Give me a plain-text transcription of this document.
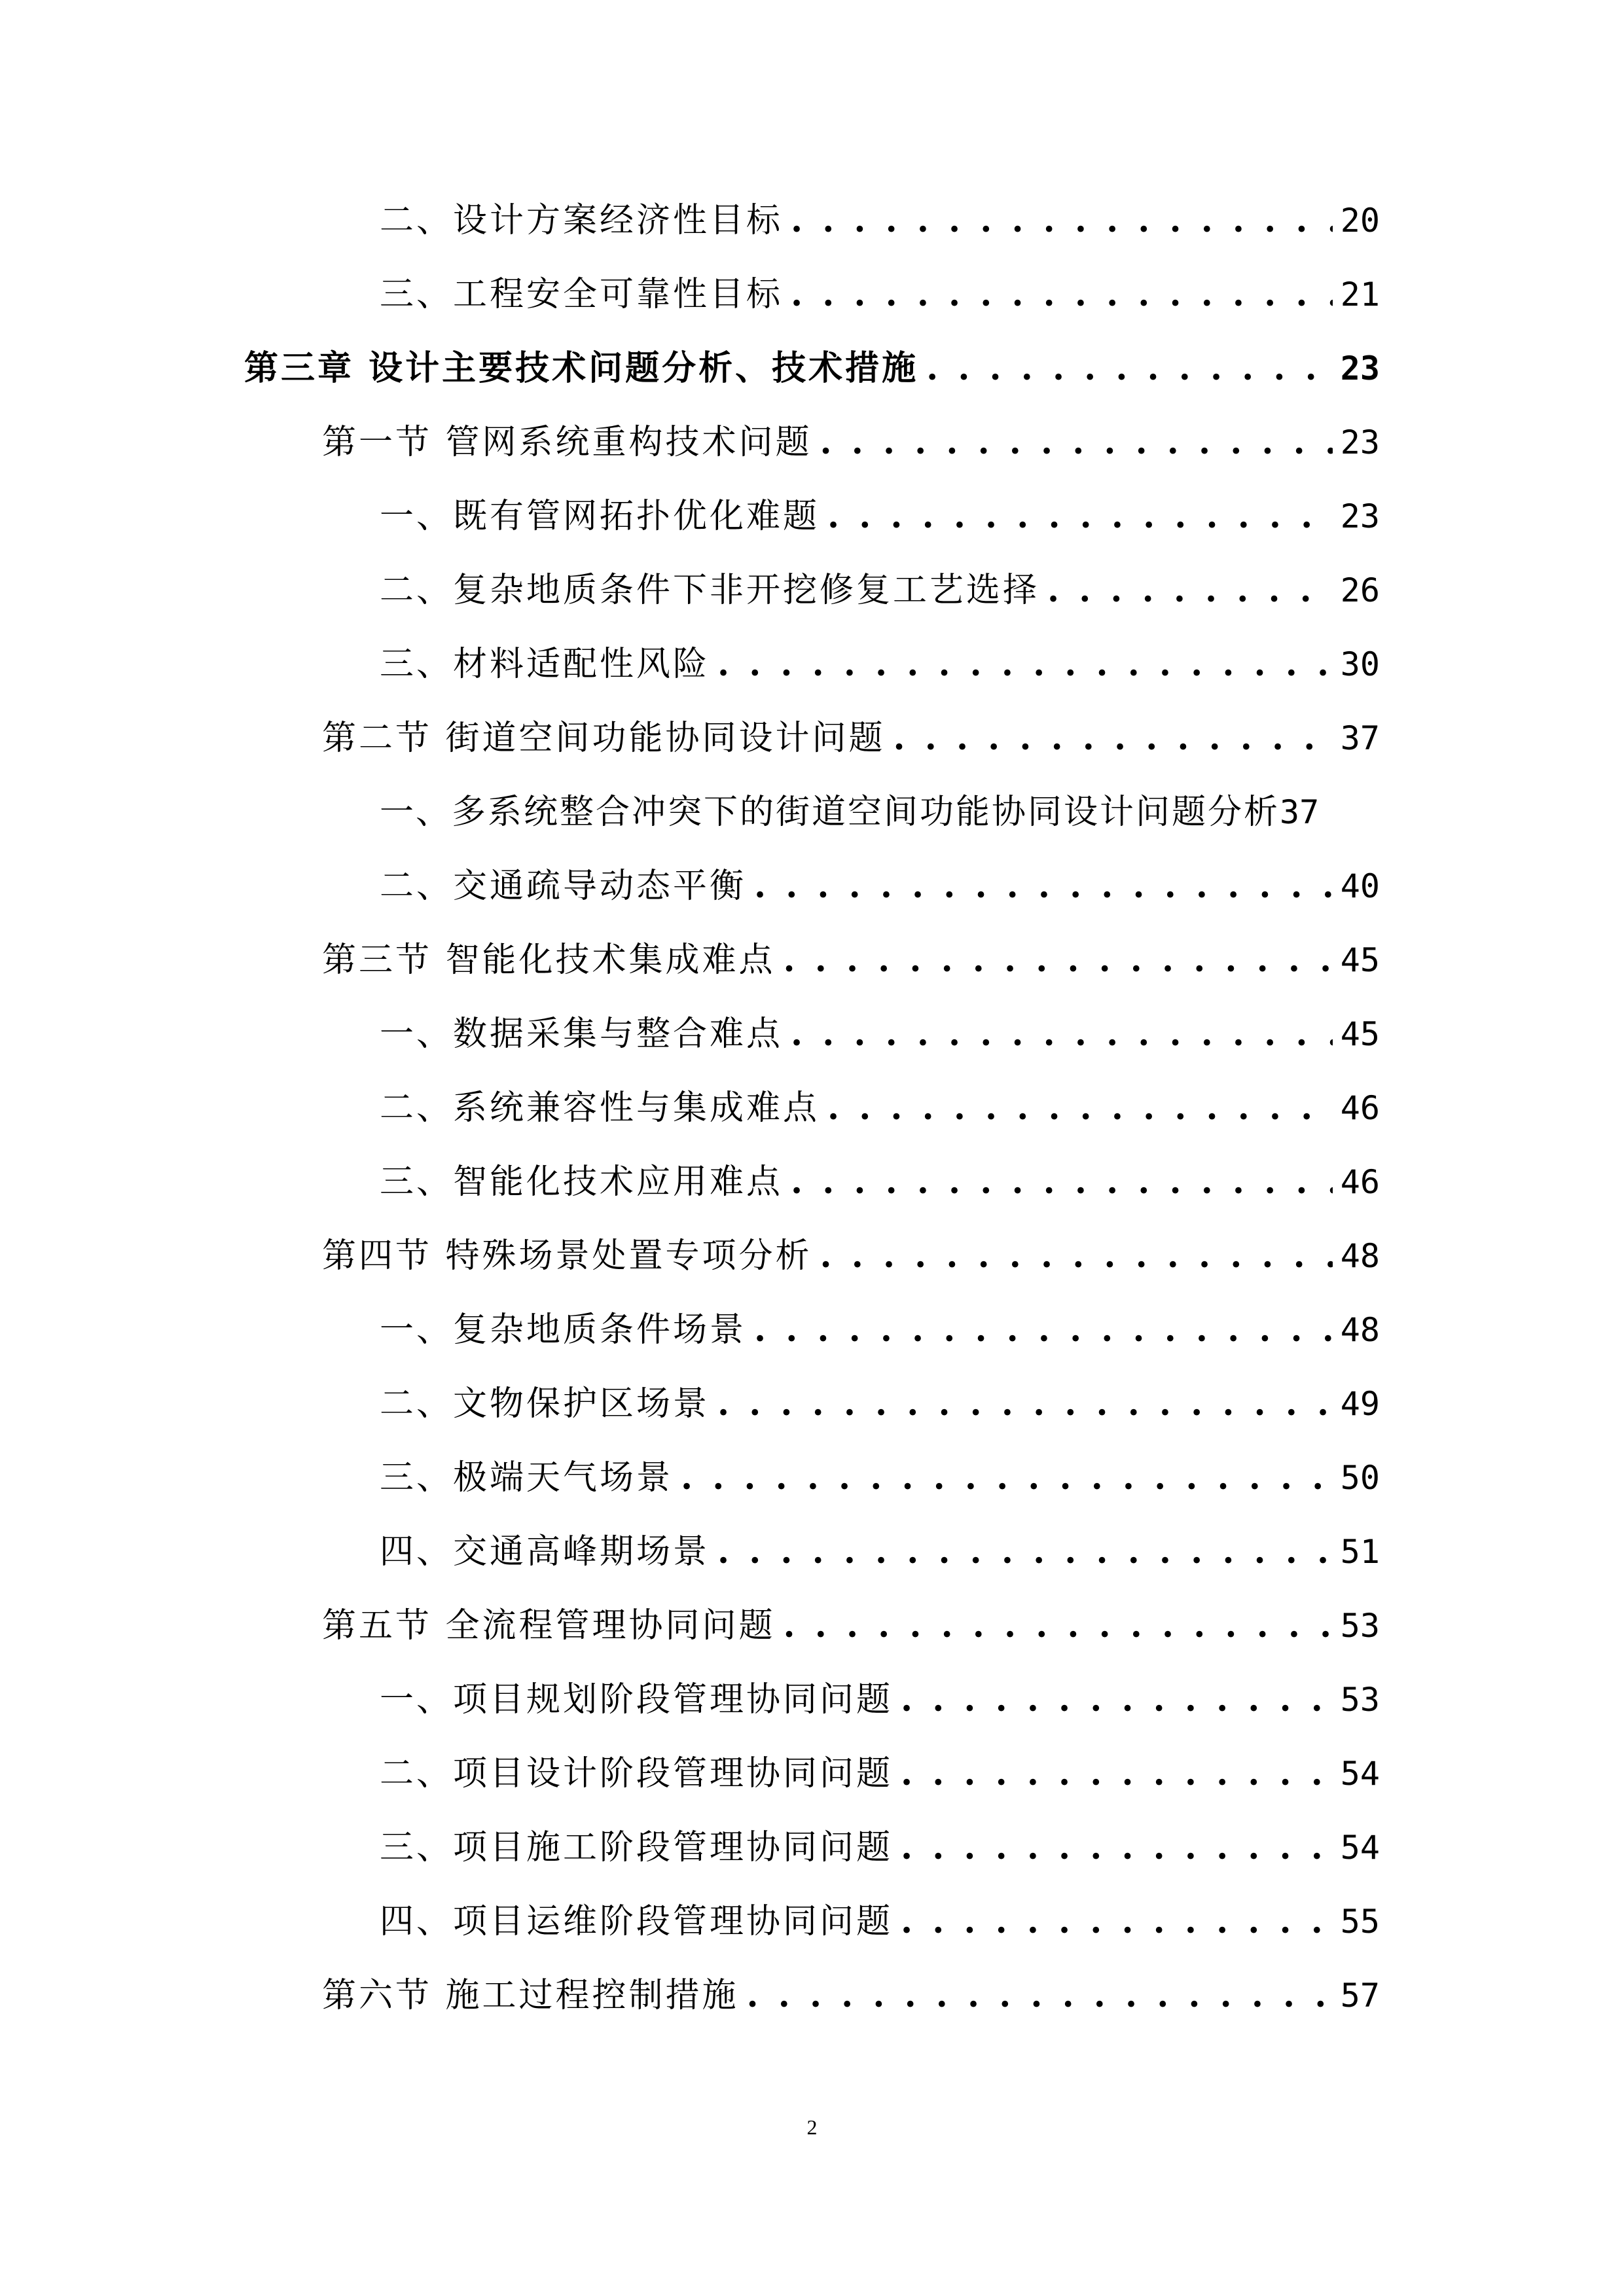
二、设计方案经济性目标 . . .	20
三、工程安全可靠性目标 . . .	21
第三章 设计主要技术问题分析、技术措施 . . .	23
第一节 管网系统重构技术问题 . . .	23
一、既有管网拓扑优化难题 . . .	23
二、复杂地质条件下非开挖修复工艺选择 . . .	26
三、材料适配性风险 . . .	30
第二节 街道空间功能协同设计问题 . . .	37
一、多系统整合冲突下的街道空间功能协同设计问题分析 37
二、交通疏导动态平衡 . . .	40
第三节 智能化技术集成难点 . . .	45
一、数据采集与整合难点 . . .	45
二、系统兼容性与集成难点 . . .	46
三、智能化技术应用难点 . . .	46
第四节 特殊场景处置专项分析 . . .	48
一、复杂地质条件场景 . . .	48
二、文物保护区场景 . . .	49
三、极端天气场景 . . .	50
四、交通高峰期场景 . . .	51
第五节 全流程管理协同问题 . . .	53
一、项目规划阶段管理协同问题 . . .	53
二、项目设计阶段管理协同问题 . . .	54
三、项目施工阶段管理协同问题 . . .	54
四、项目运维阶段管理协同问题 . . .	55
第六节 施工过程控制措施 . . .	57
2
